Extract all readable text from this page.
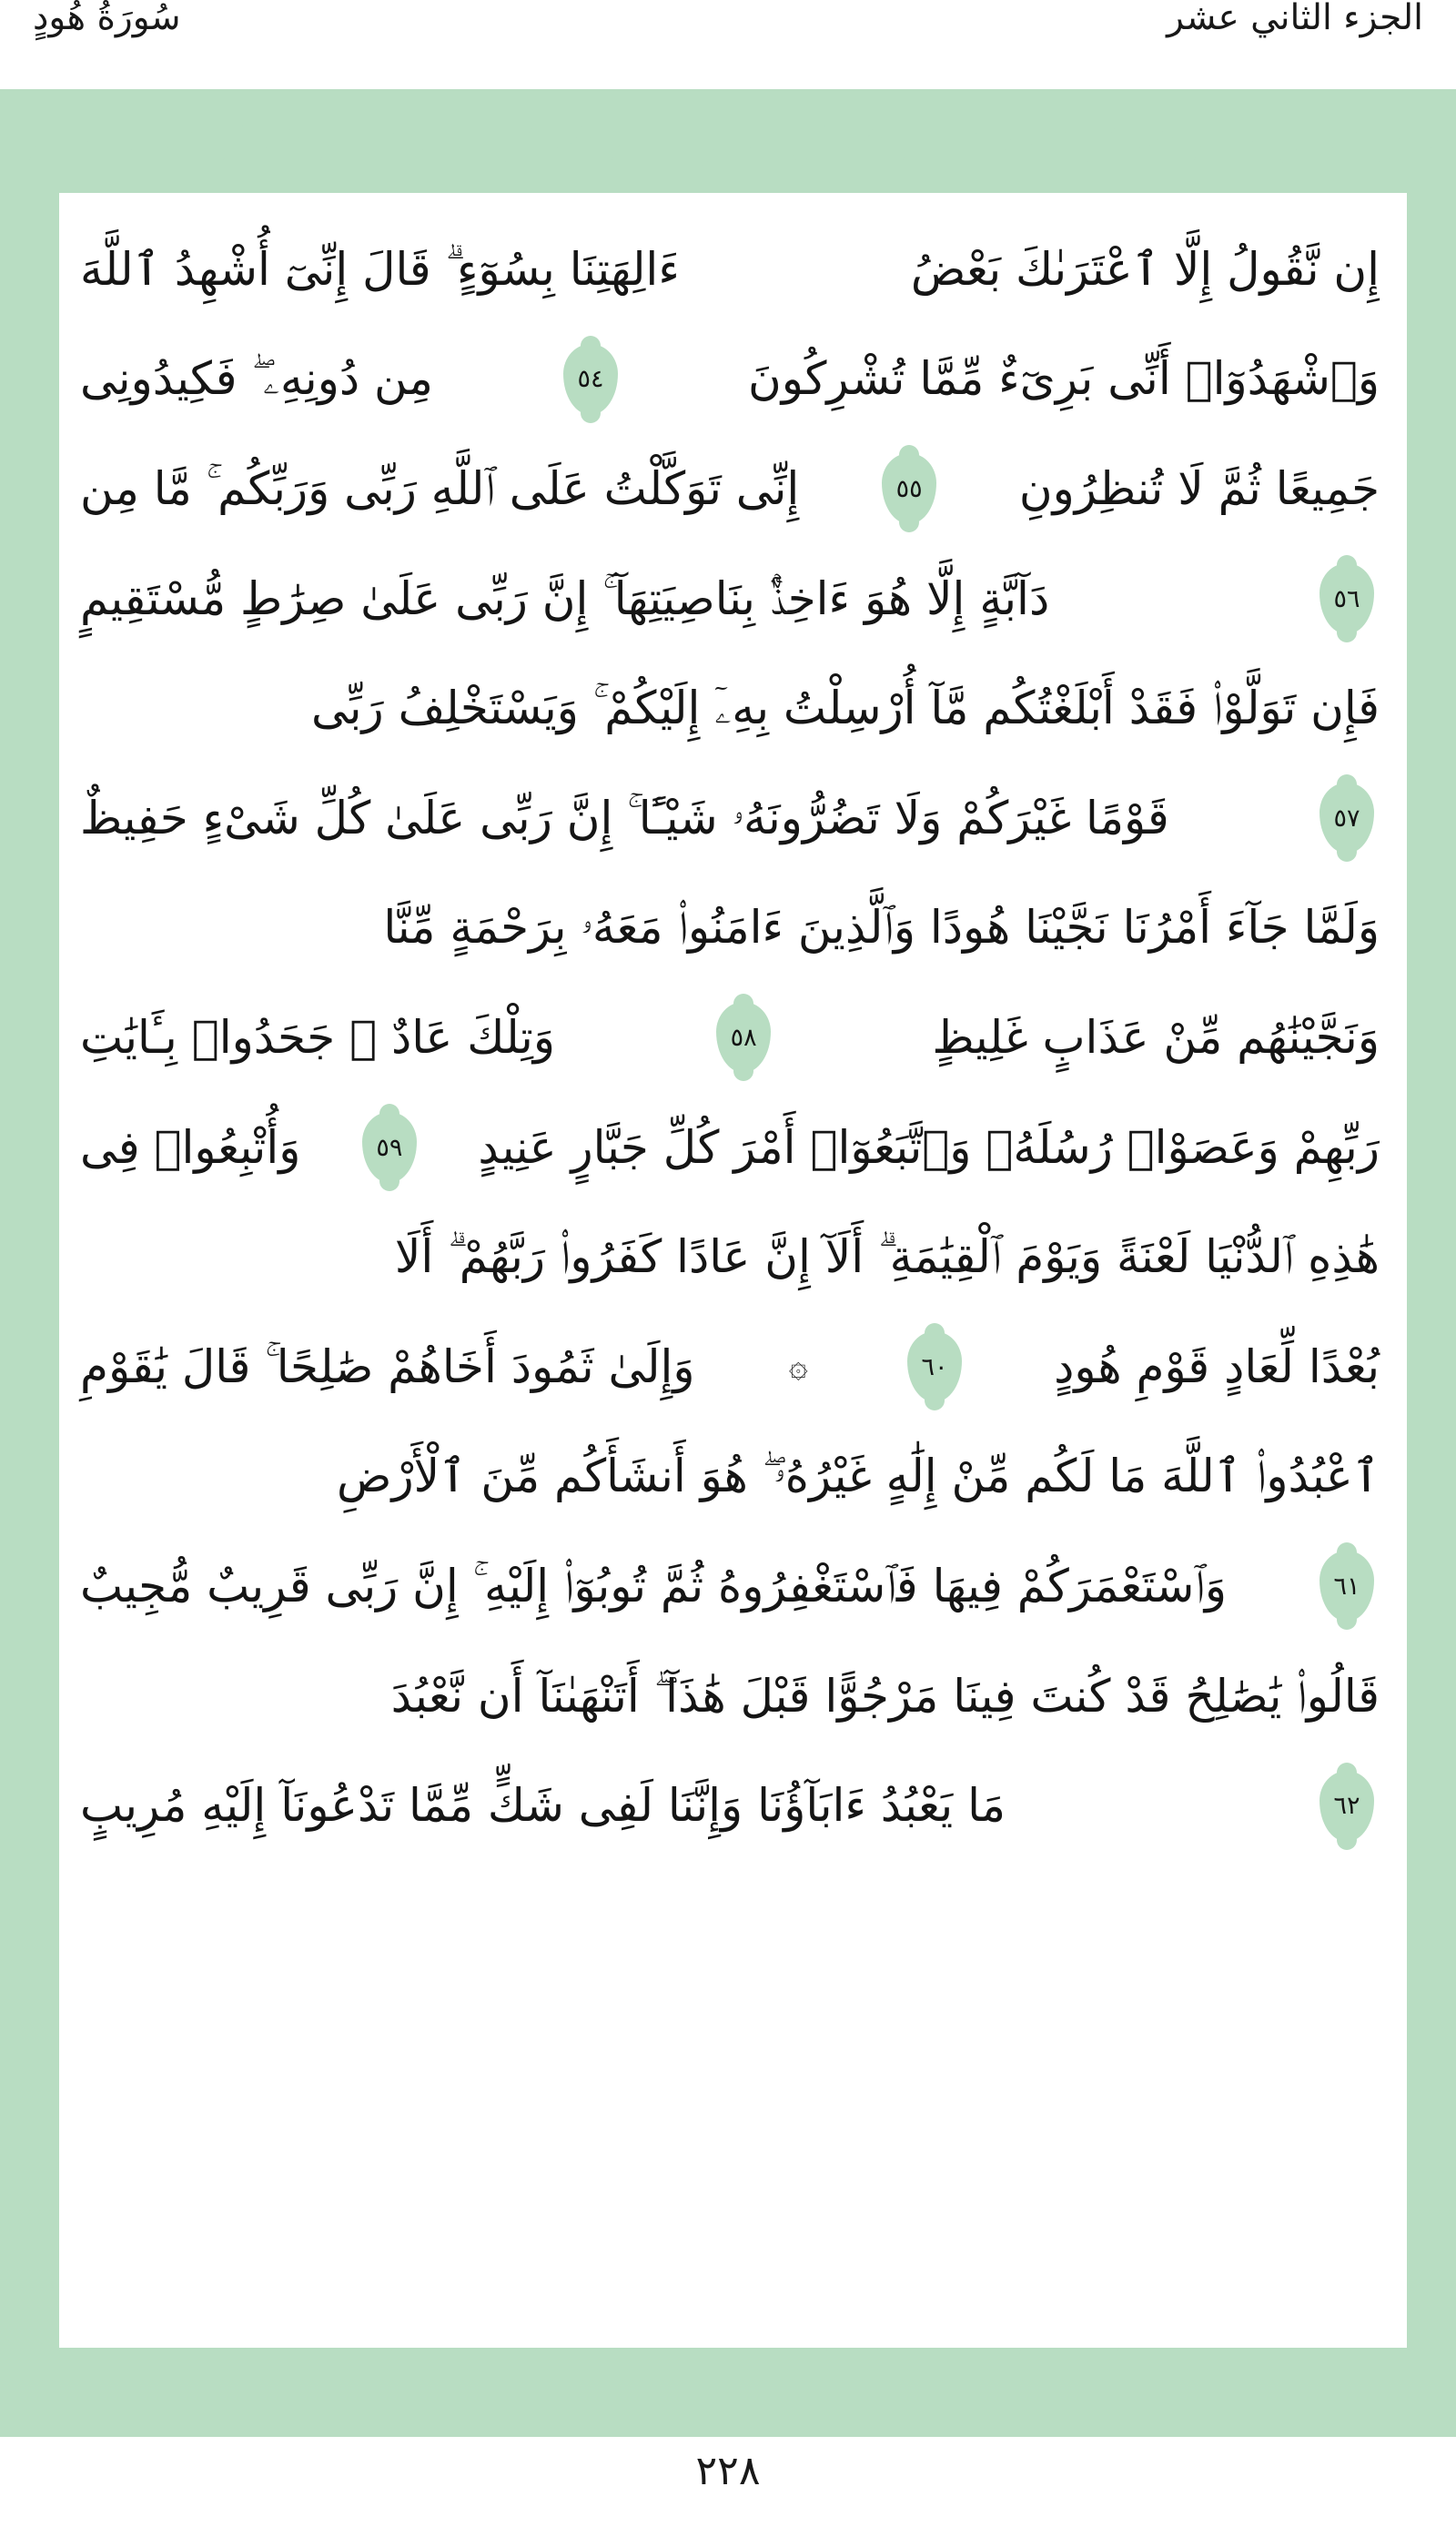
الجزء الثاني عشر
سُورَةُ هُودٍ
إِن نَّقُولُ إِلَّا ٱعْتَرَىٰكَ بَعْضُ
ءَالِهَتِنَا بِسُوٓءٍ ۗ قَالَ إِنِّىٓ أُشْهِدُ ٱللَّهَ
وَٱشْهَدُوٓا۟ أَنِّى بَرِىٓءٌ مِّمَّا تُشْرِكُونَ
٥٤
مِن دُونِهِۦ ۖ فَكِيدُونِى
جَمِيعًا ثُمَّ لَا تُنظِرُونِ
٥٥
إِنِّى تَوَكَّلْتُ عَلَى ٱللَّهِ رَبِّى وَرَبِّكُم ۚ مَّا مِن
٥٦
دَآبَّةٍ إِلَّا هُوَ ءَاخِذٌۢ بِنَاصِيَتِهَآ ۚ إِنَّ رَبِّى عَلَىٰ صِرَٰطٍ مُّسْتَقِيمٍ
فَإِن تَوَلَّوْا۟ فَقَدْ أَبْلَغْتُكُم مَّآ أُرْسِلْتُ بِهِۦٓ إِلَيْكُمْ ۚ وَيَسْتَخْلِفُ رَبِّى
٥٧
قَوْمًا غَيْرَكُمْ وَلَا تَضُرُّونَهُۥ شَيْـًٔا ۚ إِنَّ رَبِّى عَلَىٰ كُلِّ شَىْءٍ حَفِيظٌ
وَلَمَّا جَآءَ أَمْرُنَا نَجَّيْنَا هُودًا وَٱلَّذِينَ ءَامَنُوا۟ مَعَهُۥ بِرَحْمَةٍ مِّنَّا
وَنَجَّيْنَٰهُم مِّنْ عَذَابٍ غَلِيظٍ
٥٨
وَتِلْكَ عَادٌ ۖ جَحَدُوا۟ بِـَٔايَٰتِ
رَبِّهِمْ وَعَصَوْا۟ رُسُلَهُۥ وَٱتَّبَعُوٓا۟ أَمْرَ كُلِّ جَبَّارٍ عَنِيدٍ
٥٩
وَأُتْبِعُوا۟ فِى
هَٰذِهِ ٱلدُّنْيَا لَعْنَةً وَيَوْمَ ٱلْقِيَٰمَةِ ۗ أَلَآ إِنَّ عَادًا كَفَرُوا۟ رَبَّهُمْ ۗ أَلَا
بُعْدًا لِّعَادٍ قَوْمِ هُودٍ
٦٠
۞
وَإِلَىٰ ثَمُودَ أَخَاهُمْ صَٰلِحًا ۚ قَالَ يَٰقَوْمِ
ٱعْبُدُوا۟ ٱللَّهَ مَا لَكُم مِّنْ إِلَٰهٍ غَيْرُهُۥ ۖ هُوَ أَنشَأَكُم مِّنَ ٱلْأَرْضِ
٦١
وَٱسْتَعْمَرَكُمْ فِيهَا فَٱسْتَغْفِرُوهُ ثُمَّ تُوبُوٓا۟ إِلَيْهِ ۚ إِنَّ رَبِّى قَرِيبٌ مُّجِيبٌ
قَالُوا۟ يَٰصَٰلِحُ قَدْ كُنتَ فِينَا مَرْجُوًّا قَبْلَ هَٰذَآ ۖ أَتَنْهَىٰنَآ أَن نَّعْبُدَ
٦٢
مَا يَعْبُدُ ءَابَآؤُنَا وَإِنَّنَا لَفِى شَكٍّ مِّمَّا تَدْعُونَآ إِلَيْهِ مُرِيبٍ
٢٢٨
